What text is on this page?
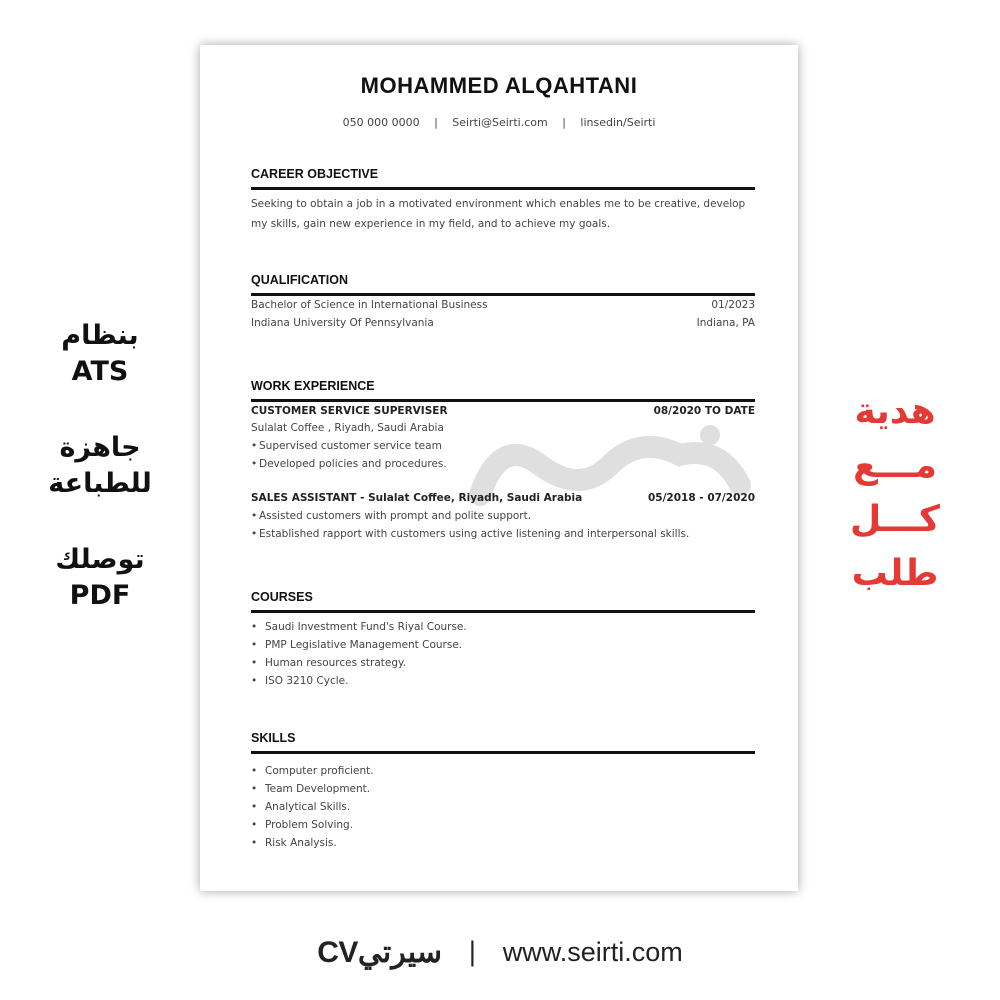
بنظام
ATS
جاهزة
للطباعة
توصلك
PDF
هدية
مـــع
كـــل
طلب
MOHAMMED ALQAHTANI
050 000 0000 | Seirti@Seirti.com | linsedin/Seirti
CAREER OBJECTIVE
Seeking to obtain a job in a motivated environment which enables me to be creative, develop my skills, gain new experience in my field, and to achieve my goals.
QUALIFICATION
Bachelor of Science in International Business	01/2023
Indiana University Of Pennsylvania	Indiana, PA
WORK EXPERIENCE
CUSTOMER SERVICE SUPERVISER	08/2020 TO DATE
Sulalat Coffee , Riyadh, Saudi Arabia
• Supervised customer service team
• Developed policies and procedures.
SALES ASSISTANT - Sulalat Coffee, Riyadh, Saudi Arabia	05/2018 - 07/2020
• Assisted customers with prompt and polite support.
• Established rapport with customers using active listening and interpersonal skills.
COURSES
• Saudi Investment Fund's Riyal Course.
• PMP Legislative Management Course.
• Human resources strategy.
• ISO 3210 Cycle.
SKILLS
• Computer proficient.
• Team Development.
• Analytical Skills.
• Problem Solving.
• Risk Analysis.
CVسيرتي | www.seirti.com
